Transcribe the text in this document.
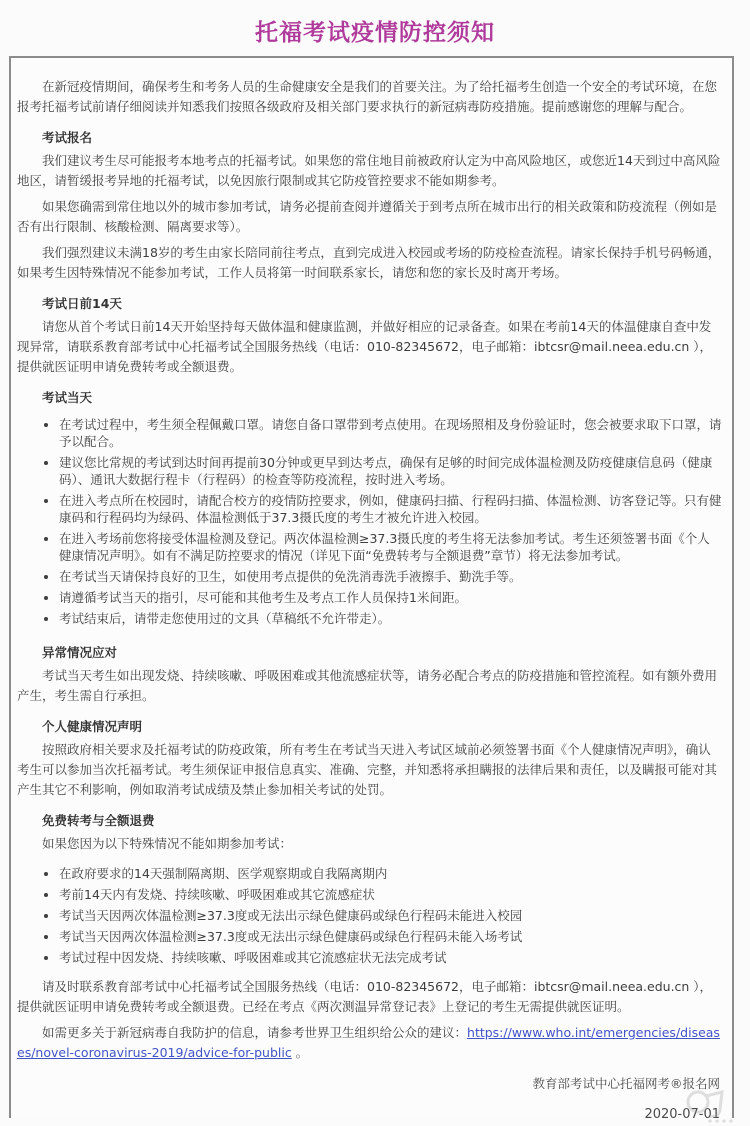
托福考试疫情防控须知

在新冠疫情期间，确保考生和考务人员的生命健康安全是我们的首要关注。为了给托福考生创造一个安全的考试环境，在您报考托福考试前请仔细阅读并知悉我们按照各级政府及相关部门要求执行的新冠病毒防疫措施。提前感谢您的理解与配合。

考试报名

我们建议考生尽可能报考本地考点的托福考试。如果您的常住地目前被政府认定为中高风险地区，或您近14天到过中高风险地区，请暂缓报考异地的托福考试，以免因旅行限制或其它防疫管控要求不能如期参考。

如果您确需到常住地以外的城市参加考试，请务必提前查阅并遵循关于到考点所在城市出行的相关政策和防疫流程（例如是否有出行限制、核酸检测、隔离要求等）。

我们强烈建议未满18岁的考生由家长陪同前往考点，直到完成进入校园或考场的防疫检查流程。请家长保持手机号码畅通，如果考生因特殊情况不能参加考试，工作人员将第一时间联系家长，请您和您的家长及时离开考场。

考试日前14天

请您从首个考试日前14天开始坚持每天做体温和健康监测，并做好相应的记录备查。如果在考前14天的体温健康自查中发现异常，请联系教育部考试中心托福考试全国服务热线（电话：010-82345672，电子邮箱：ibtcsr@mail.neea.edu.cn ），提供就医证明申请免费转考或全额退费。

考试当天
• 在考试过程中，考生须全程佩戴口罩。请您自备口罩带到考点使用。在现场照相及身份验证时，您会被要求取下口罩，请予以配合。
• 建议您比常规的考试到达时间再提前30分钟或更早到达考点，确保有足够的时间完成体温检测及防疫健康信息码（健康码）、通讯大数据行程卡（行程码）的检查等防疫流程，按时进入考场。
• 在进入考点所在校园时，请配合校方的疫情防控要求，例如，健康码扫描、行程码扫描、体温检测、访客登记等。只有健康码和行程码均为绿码、体温检测低于37.3摄氏度的考生才被允许进入校园。
• 在进入考场前您将接受体温检测及登记。两次体温检测≥37.3摄氏度的考生将无法参加考试。考生还须签署书面《个人健康情况声明》。如有不满足防控要求的情况（详见下面“免费转考与全额退费”章节）将无法参加考试。
• 在考试当天请保持良好的卫生，如使用考点提供的免洗消毒洗手液擦手、勤洗手等。
• 请遵循考试当天的指引，尽可能和其他考生及考点工作人员保持1米间距。
• 考试结束后，请带走您使用过的文具（草稿纸不允许带走）。
异常情况应对

考试当天考生如出现发烧、持续咳嗽、呼吸困难或其他流感症状等，请务必配合考点的防疫措施和管控流程。如有额外费用产生，考生需自行承担。

个人健康情况声明

按照政府相关要求及托福考试的防疫政策，所有考生在考试当天进入考试区域前必须签署书面《个人健康情况声明》，确认考生可以参加当次托福考试。考生须保证申报信息真实、准确、完整，并知悉将承担瞒报的法律后果和责任，以及瞒报可能对其产生其它不利影响，例如取消考试成绩及禁止参加相关考试的处罚。

免费转考与全额退费

如果您因为以下特殊情况不能如期参加考试：

• 在政府要求的14天强制隔离期、医学观察期或自我隔离期内
• 考前14天内有发烧、持续咳嗽、呼吸困难或其它流感症状
• 考试当天因两次体温检测≥37.3度或无法出示绿色健康码或绿色行程码未能进入校园
• 考试当天因两次体温检测≥37.3度或无法出示绿色健康码或绿色行程码未能入场考试
• 考试过程中因发烧、持续咳嗽、呼吸困难或其它流感症状无法完成考试

请及时联系教育部考试中心托福考试全国服务热线（电话：010-82345672，电子邮箱：ibtcsr@mail.neea.edu.cn ），提供就医证明申请免费转考或全额退费。已经在考点《两次测温异常登记表》上登记的考生无需提供就医证明。

如需更多关于新冠病毒自我防护的信息，请参考世界卫生组织给公众的建议：https://www.who.int/emergencies/diseases/novel-coronavirus-2019/advice-for-public 。

教育部考试中心托福网考®报名网
2020-07-01
